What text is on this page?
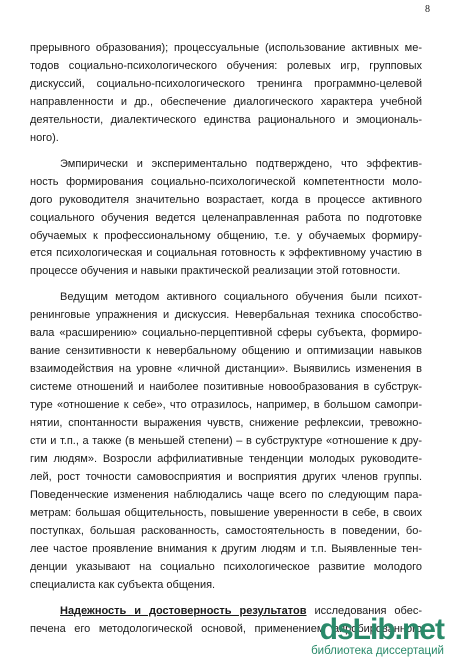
8
прерывного образования); процессуальные (использование активных ме-
тодов социально-психологического обучения: ролевых игр, групповых
дискуссий, социально-психологического тренинга программно-целевой
направленности и др., обеспечение диалогического характера учебной
деятельности, диалектического единства рационального и эмоциональ-
ного).
Эмпирически и экспериментально подтверждено, что эффектив-
ность формирования социально-психологической компетентности моло-
дого руководителя значительно возрастает, когда в процессе активного
социального обучения ведется целенаправленная работа по подготовке
обучаемых к профессиональному общению, т.е. у обучаемых формиру-
ется психологическая и социальная готовность к эффективному участию в
процессе обучения и навыки практической реализации этой готовности.
Ведущим методом активного социального обучения были психот-
ренинговые упражнения и дискуссия. Невербальная техника способство-
вала «расширению» социально-перцептивной сферы субъекта, формиро-
вание сензитивности к невербальному общению и оптимизации навыков
взаимодействия на уровне «личной дистанции». Выявились изменения в
системе отношений и наиболее позитивные новообразования в субструк-
туре «отношение к себе», что отразилось, например, в большом самопри-
нятии, спонтанности выражения чувств, снижение рефлексии, тревожно-
сти и т.п., а также (в меньшей степени) – в субструктуре «отношение к дру-
гим людям». Возросли аффилиативные тенденции молодых руководите-
лей, рост точности самовосприятия и восприятия других членов группы.
Поведенческие изменения наблюдались чаще всего по следующим пара-
метрам: большая общительность, повышение уверенности в себе, в своих
поступках, большая раскованность, самостоятельность в поведении, бо-
лее частое проявление внимания к другим людям и т.п. Выявленные тен-
денции указывают на социально психологическое развитие молодого
специалиста как субъекта общения.
Надежность и достоверность результатов исследования обес-
печена его методологической основой, применением апробированного
dsLib.net
библиотека диссертаций
